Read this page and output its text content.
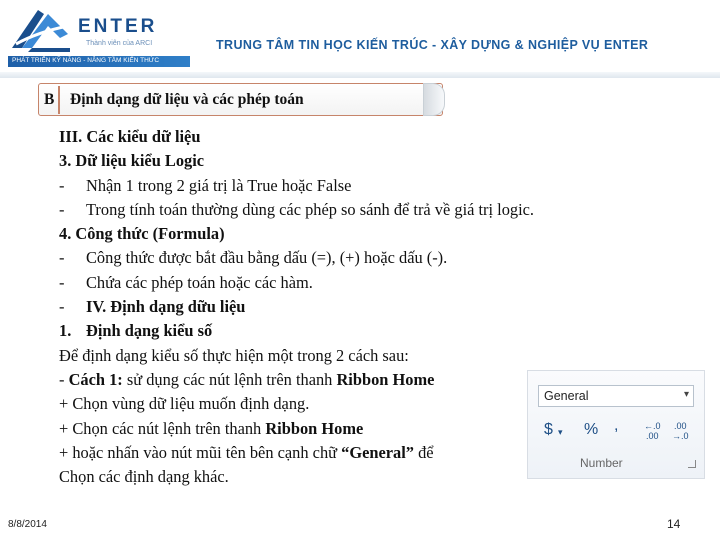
ENTER
Thành viên của ARCI
PHÁT TRIỂN KỸ NĂNG - NÂNG TẦM KIẾN THỨC
TRUNG TÂM TIN HỌC KIẾN TRÚC - XÂY DỰNG & NGHIỆP VỤ ENTER
B Định dạng dữ liệu và các phép toán
III. Các kiểu dữ liệu
3. Dữ liệu kiểu Logic
- Nhận 1 trong 2 giá trị là True hoặc False
- Trong tính toán thường dùng các phép so sánh để trả về giá trị logic.
4. Công thức (Formula)
- Công thức được bắt đầu bằng dấu (=), (+) hoặc dấu (-).
- Chứa các phép toán hoặc các hàm.
- IV. Định dạng dữu liệu
1. Định dạng kiểu số
Để định dạng kiểu số thực hiện một trong 2 cách sau:
- Cách 1: sử dụng các nút lệnh trên thanh Ribbon Home
+ Chọn vùng dữ liệu muốn định dạng.
+ Chọn các nút lệnh trên thanh Ribbon Home
+ hoặc nhấn vào nút mũi tên bên cạnh chữ “General” để
Chọn các định dạng khác.
General	▾
$ ▾ % ,	←.0
.00
.00
→.0
Number
8/8/2014	14
